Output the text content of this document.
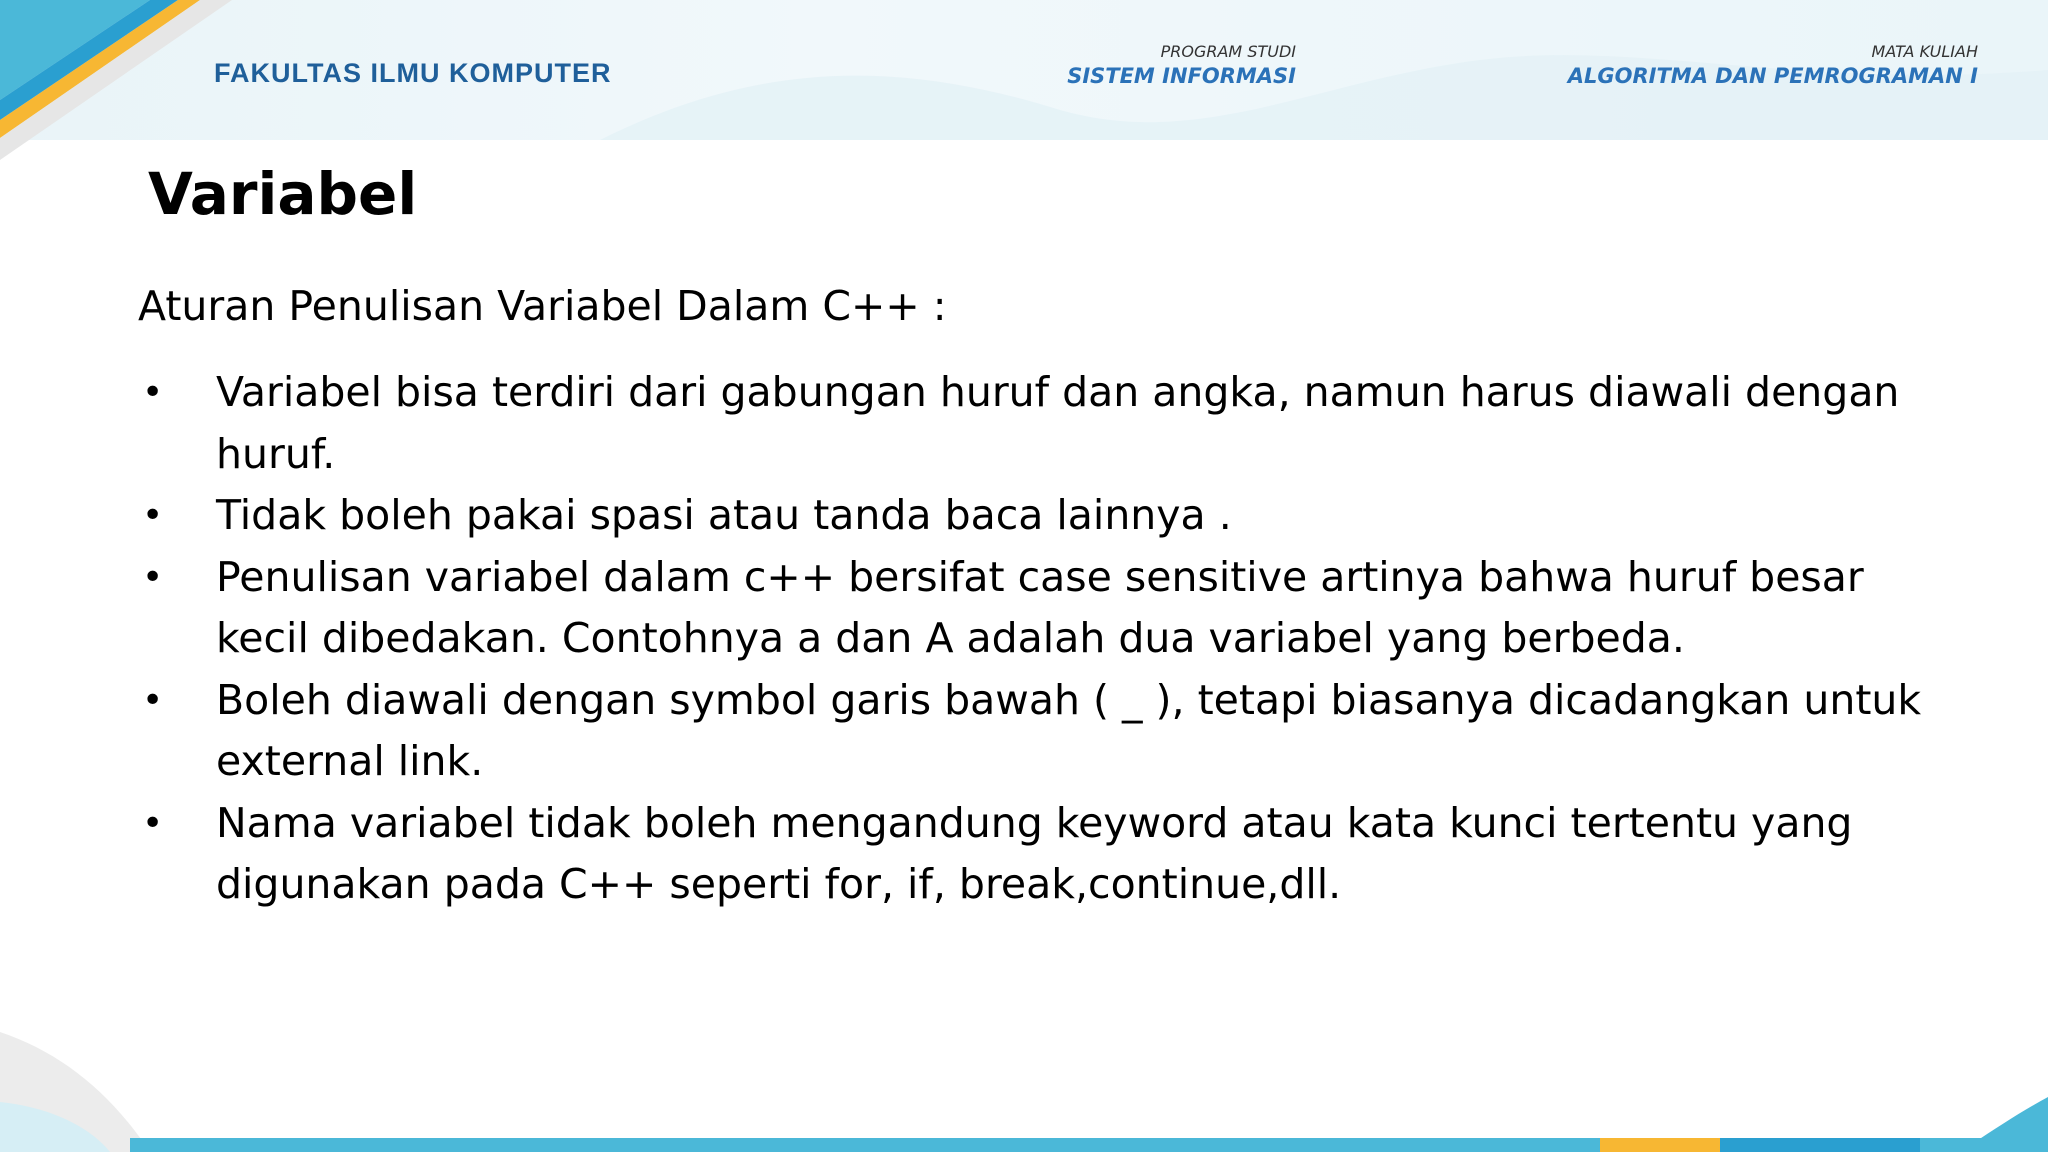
FAKULTAS ILMU KOMPUTER
PROGRAM STUDI
SISTEM INFORMASI
MATA KULIAH
ALGORITMA DAN PEMROGRAMAN I
Variabel
Aturan Penulisan Variabel Dalam C++ :
• Variabel bisa terdiri dari gabungan huruf dan angka, namun harus diawali dengan huruf.
• Tidak boleh pakai spasi atau tanda baca lainnya .
• Penulisan variabel dalam c++ bersifat case sensitive artinya bahwa huruf besar kecil dibedakan. Contohnya a dan A adalah dua variabel yang berbeda.
• Boleh diawali dengan symbol garis bawah ( _ ), tetapi biasanya dicadangkan untuk external link.
• Nama variabel tidak boleh mengandung keyword atau kata kunci tertentu yang digunakan pada C++ seperti for, if, break,continue,dll.
